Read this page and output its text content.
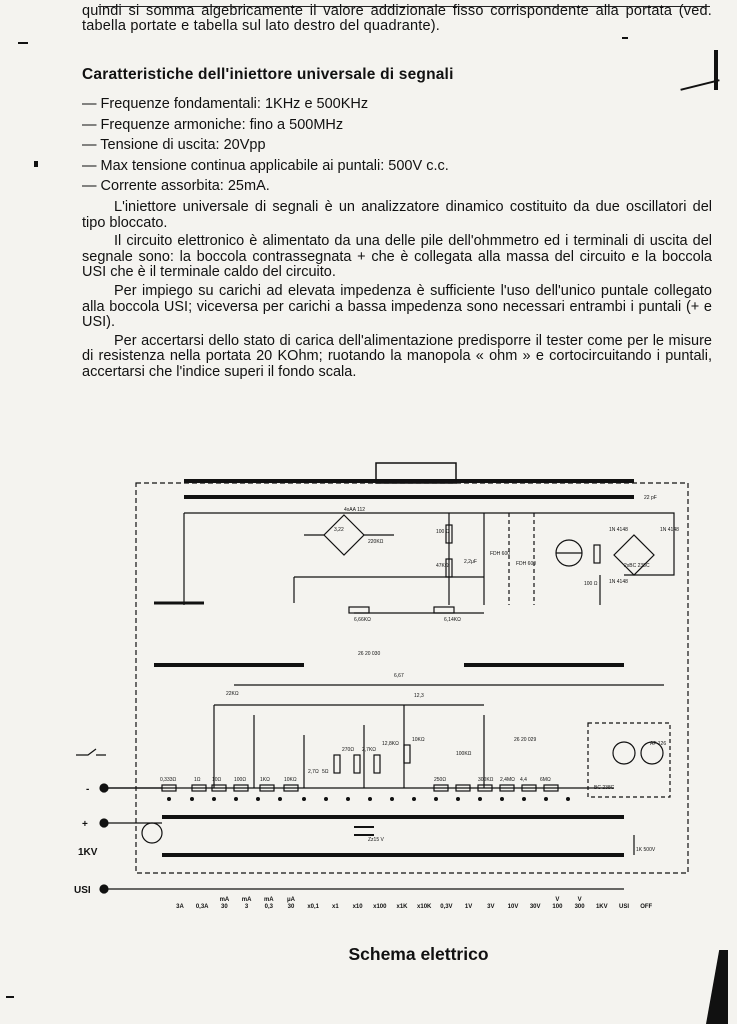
quindi si somma algebricamente il valore addizionale fisso corrispondente alla portata (ved. tabella portate e tabella sul lato destro del quadrante).
Caratteristiche dell'iniettore universale di segnali
— Frequenze fondamentali: 1KHz e 500KHz
— Frequenze armoniche: fino a 500MHz
— Tensione di uscita: 20Vpp
— Max tensione continua applicabile ai puntali: 500V c.c.
— Corrente assorbita: 25mA.

L'iniettore universale di segnali è un analizzatore dinamico costituito da due oscillatori del tipo bloccato.

Il circuito elettronico è alimentato da una delle pile dell'ohmmetro ed i terminali di uscita del segnale sono: la boccola contrassegnata + che è collegata alla massa del circuito e la boccola USI che è il terminale caldo del circuito.

Per impiego su carichi ad elevata impedenza è sufficiente l'uso dell'unico puntale collegato alla boccola USI; viceversa per carichi a bassa impedenza sono necessari entrambi i puntali (+ e USI).

Per accertarsi dello stato di carica dell'alimentazione predisporre il tester come per le misure di resistenza nella portata 20 KOhm; ruotando la manopola « ohm » e cortocircuitando i puntali, accertarsi che l'indice superi il fondo scala.

-
+
1KV
USI
4xAA 112
3,22
220KΩ
100 Ω
47KΩ
2,2μF
FDH 600
FDH 600
100 Ω
1N 4148
1N 4148
2xBC 238C
1N 4148
22 pF
6,66KΩ	6,14KΩ
26 20 030
22KΩ
6,67
12,3
0,333Ω	1Ω 10Ω	100Ω	1KΩ	10KΩ
2,7Ω 5Ω
270Ω 2,7KΩ
12,8KΩ
10KΩ	26 20 029
250Ω
100KΩ
300KΩ 2,4MΩ	6MΩ
4,4
BC 238C
AF 126
Zz15 V
1K 500V
3A 0,3A
mA
30
mA
3
mA
0,3
μA
30 x0,1 x1 x10 x100 x1K x10K 0,3V 1V 3V 10V 30V
V
100
V
300 1KV USI OFF
Schema elettrico
